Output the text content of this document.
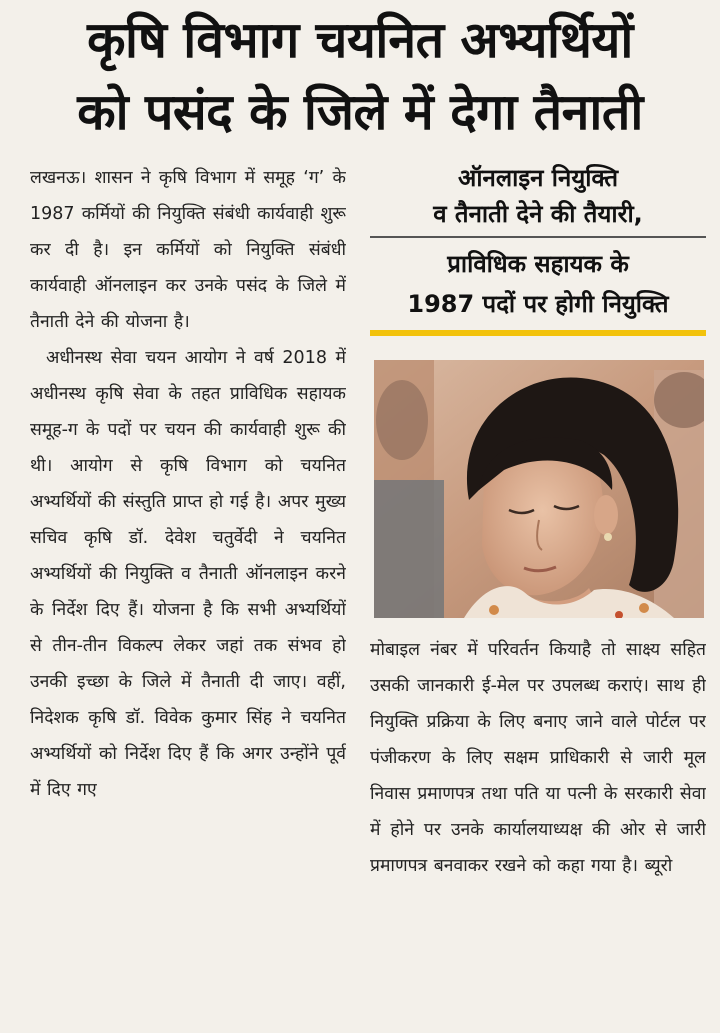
कृषि विभाग चयनित अभ्यर्थियों
को पसंद के जिले में देगा तैनाती

लखनऊ। शासन ने कृषि विभाग में समूह ‘ग’ के 1987 कर्मियों की नियुक्ति संबंधी कार्यवाही शुरू कर दी है। इन कर्मियों को नियुक्ति संबंधी कार्यवाही ऑनलाइन कर उनके पसंद के जिले में तैनाती देने की योजना है।

अधीनस्थ सेवा चयन आयोग ने वर्ष 2018 में अधीनस्थ कृषि सेवा के तहत प्राविधिक सहायक समूह-ग के पदों पर चयन की कार्यवाही शुरू की थी। आयोग से कृषि विभाग को चयनित अभ्यर्थियों की संस्तुति प्राप्त हो गई है। अपर मुख्य सचिव कृषि डॉ. देवेश चतुर्वेदी ने चयनित अभ्यर्थियों की नियुक्ति व तैनाती ऑनलाइन करने के निर्देश दिए हैं। योजना है कि सभी अभ्यर्थियों से तीन-तीन विकल्प लेकर जहां तक संभव हो उनकी इच्छा के जिले में तैनाती दी जाए। वहीं, निदेशक कृषि डॉ. विवेक कुमार सिंह ने चयनित अभ्यर्थियों को निर्देश दिए हैं कि अगर उन्होंने पूर्व में दिए गए

ऑनलाइन नियुक्ति
व तैनाती देने की तैयारी,
प्राविधिक सहायक के
1987 पदों पर होगी नियुक्ति

मोबाइल नंबर में परिवर्तन कियाहै तो साक्ष्य सहित उसकी जानकारी ई-मेल पर उपलब्ध कराएं। साथ ही नियुक्ति प्रक्रिया के लिए बनाए जाने वाले पोर्टल पर पंजीकरण के लिए सक्षम प्राधिकारी से जारी मूल निवास प्रमाणपत्र तथा पति या पत्नी के सरकारी सेवा में होने पर उनके कार्यालयाध्यक्ष की ओर से जारी प्रमाणपत्र बनवाकर रखने को कहा गया है। ब्यूरो
